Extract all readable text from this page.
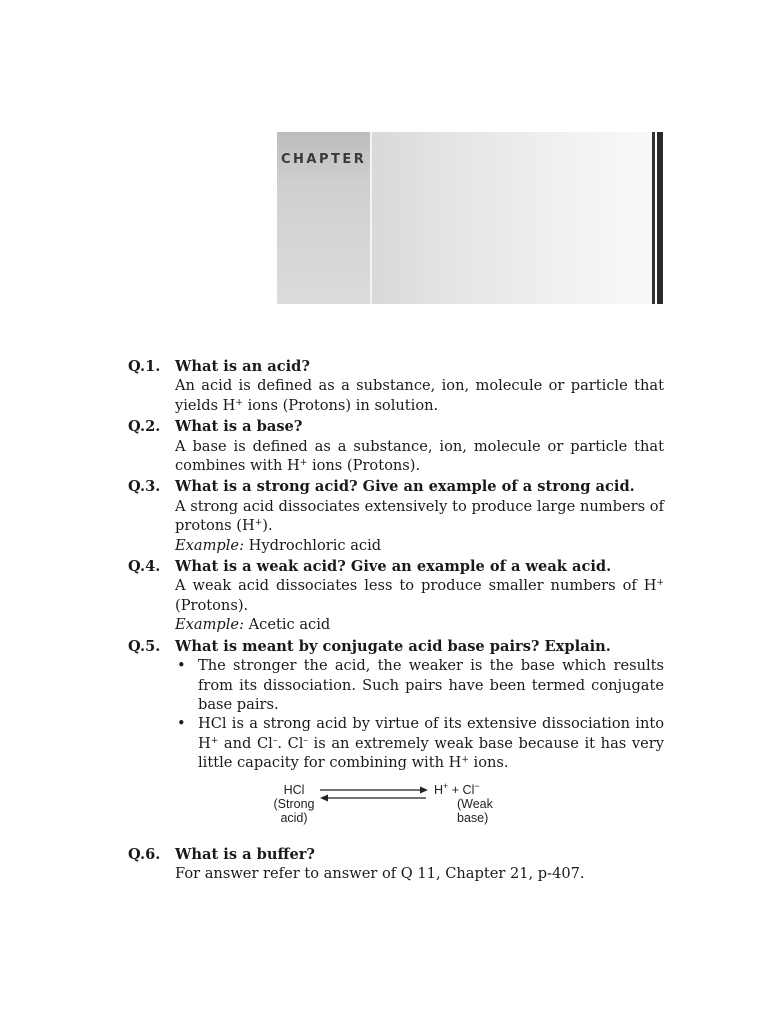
CHAPTER
Q.1. What is an acid?
An acid is defined as a substance, ion, molecule or particle that yields H+ ions (Protons) in solution.
Q.2. What is a base?
A base is defined as a substance, ion, molecule or particle that combines with H+ ions (Protons).
Q.3. What is a strong acid? Give an example of a strong acid.
A strong acid dissociates extensively to produce large numbers of protons (H+).
Example: Hydrochloric acid
Q.4. What is a weak acid? Give an example of a weak acid.
A weak acid dissociates less to produce smaller numbers of H+ (Protons).
Example: Acetic acid
Q.5. What is meant by conjugate acid base pairs? Explain.
• The stronger the acid, the weaker is the base which results from its dissociation. Such pairs have been termed conjugate base pairs.
• HCl is a strong acid by virtue of its extensive dissociation into H+ and Cl–. Cl– is an extremely weak base because it has very little capacity for combining with H+ ions.
HCl
(Strong
acid)
H+ + Cl−
(Weak
base)
Q.6. What is a buffer?
For answer refer to answer of Q 11, Chapter 21, p-407.
